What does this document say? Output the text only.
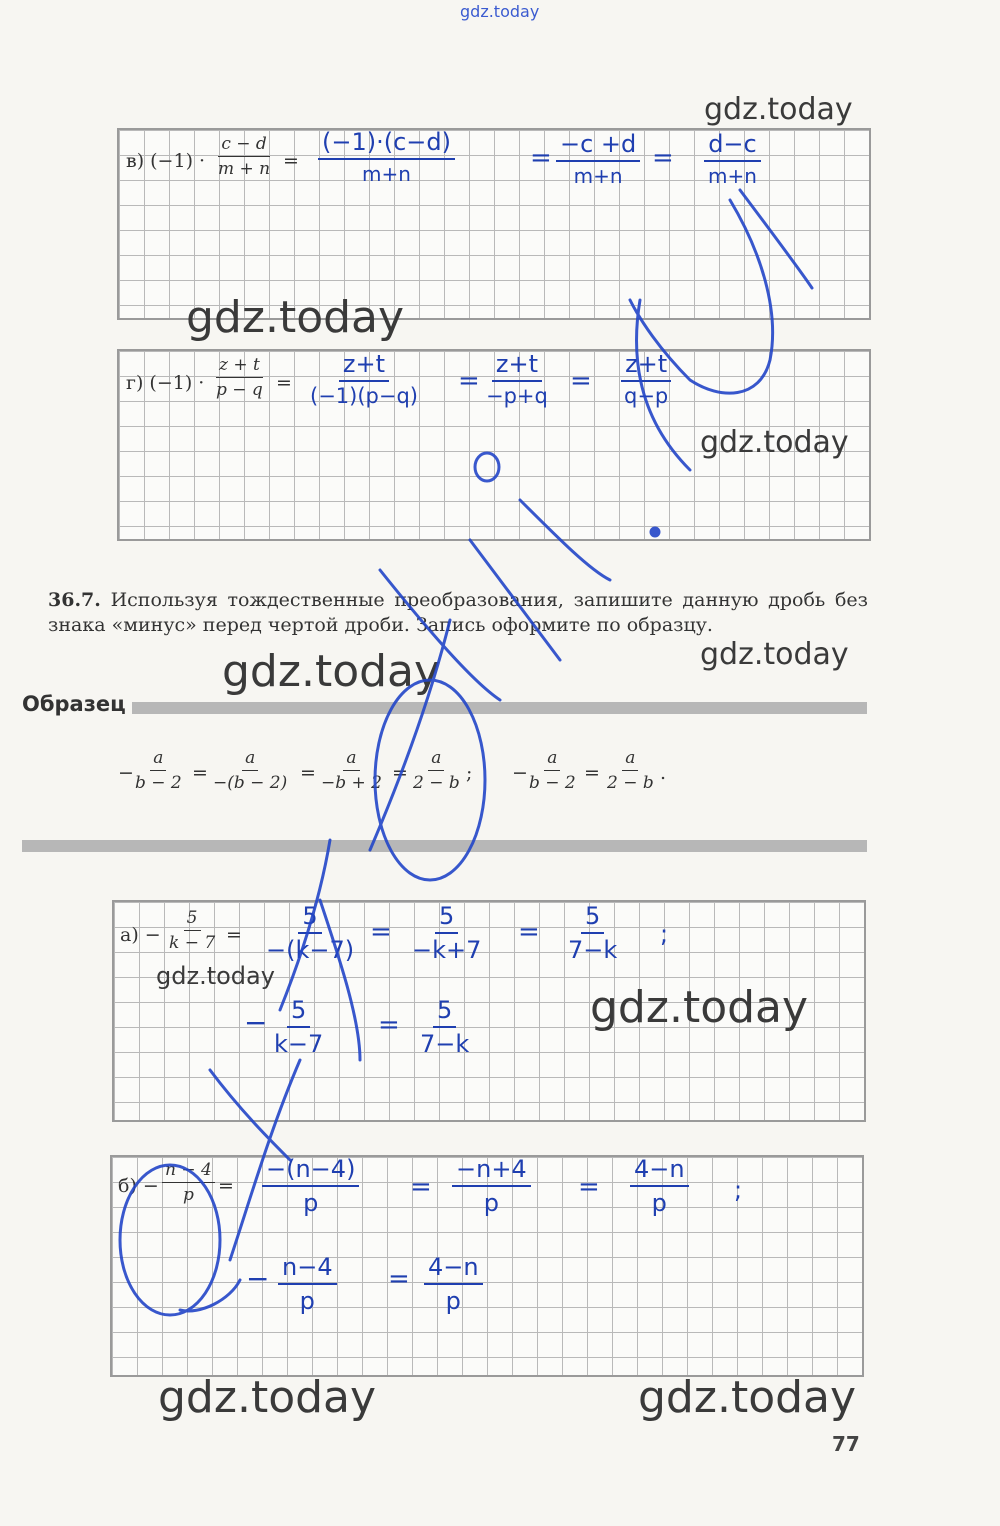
gdz.today
в) $(-1) \cdot \frac{c - d}{m + n}$ =
(−1)·(c−d)
m+n
= −c +d
m+n
= d−c
m+n
gdz.today
gdz.today
г) $(-1) \cdot \frac{z + t}{p - q}$ =
z+t
(−1)(p−q) =
z+t
−p+q =
z+t
q−p
gdz.today
36.7. Используя тождественные преобразования, запишите данную дробь без знака «минус» перед чертой дроби. Запись оформите по образцу.
gdz.today	gdz.today
Образец
−
$\frac{a}{b - 2} = \frac{a}{-(b - 2)} = \frac{a}{-b + 2} = \frac{a}{2 - b}$ ; −
$\frac{a}{b - 2} = \frac{a}{2 - b}$ .
$а) - \frac{5}{k - 7}$ =
5
−(k−7)
=
5
−k+7
=
5
7−k
;
− 5
k−7
= 5
7−k
gdz.today
gdz.today
$б) - \frac{n - 4}{p}$ =
−(n−4)
p
=
−n+4
p
=
4−n
p	;
− n−4
p
= 4−n
p
gdz.today	gdz.today
77
